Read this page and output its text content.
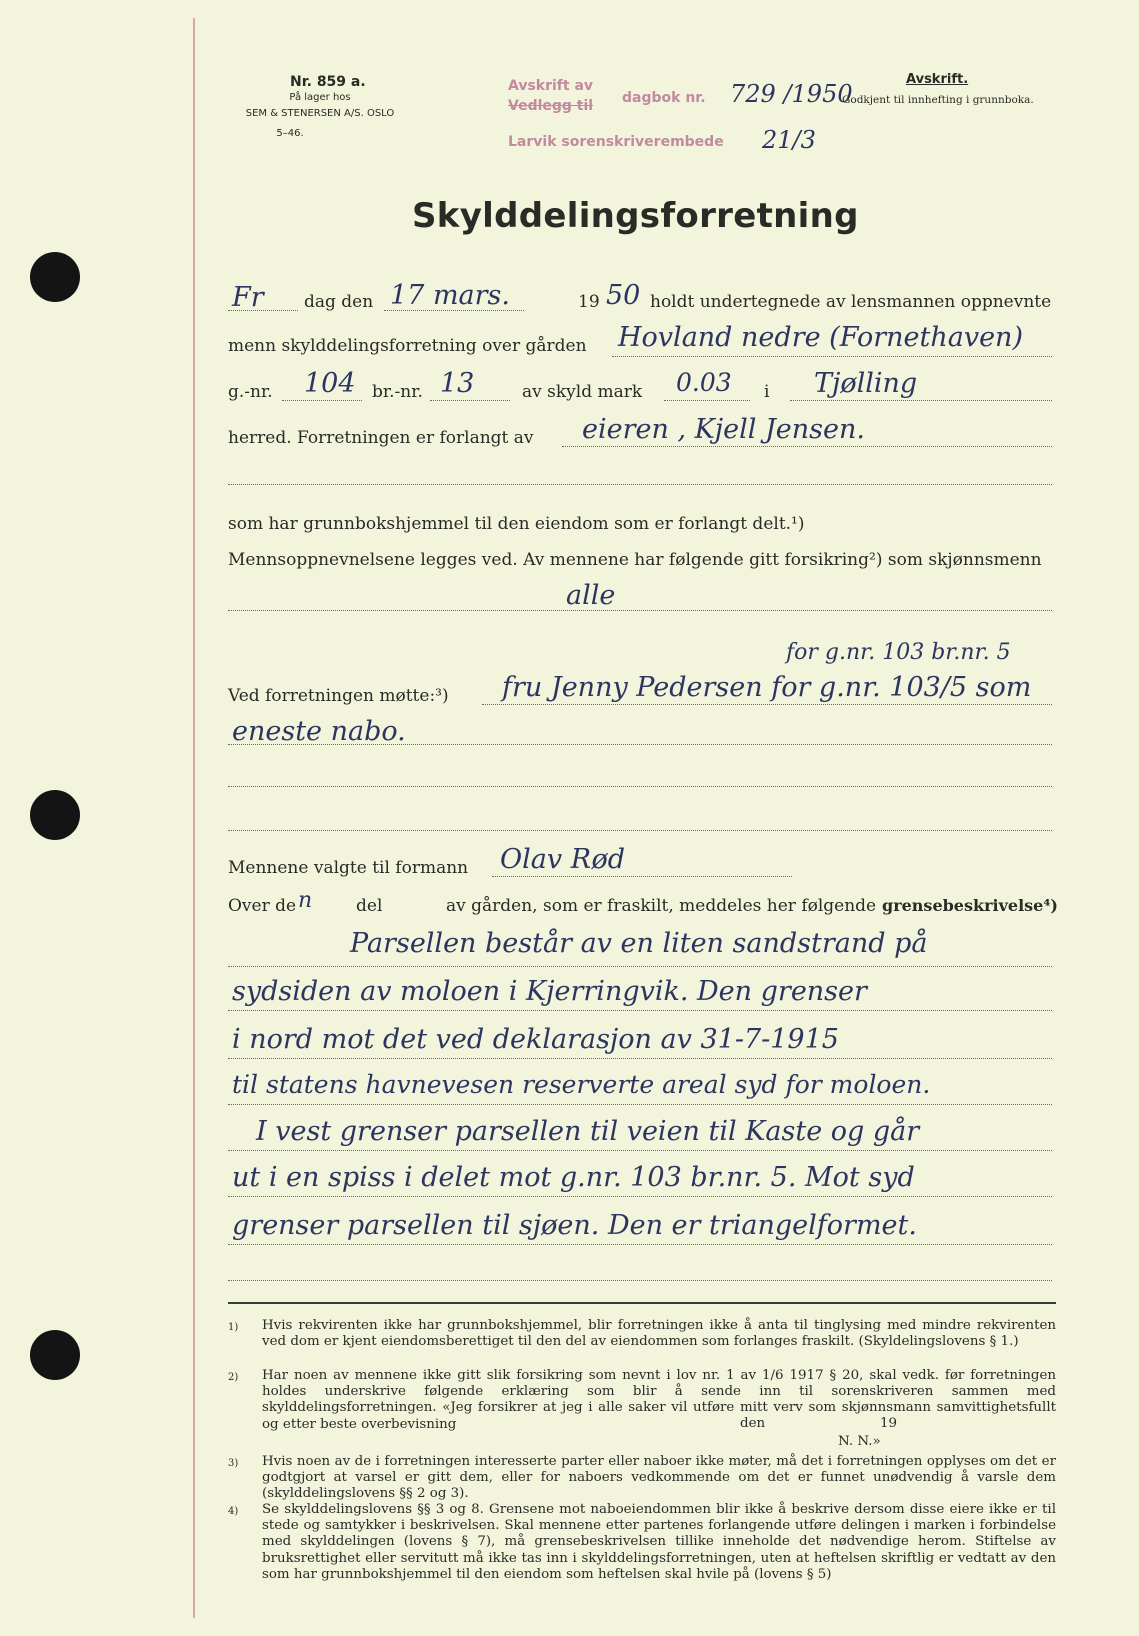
Nr. 859 a.
På lager hos
SEM & STENERSEN A/S. OSLO
5–46.
Avskrift av
Vedlegg til dagbok nr.
Larvik sorenskriverembede
729 /1950
21/3
Avskrift.
Godkjent til innhefting i grunnboka.
Skylddelingsforretning
Fr dag den 17 mars.	19 50 holdt undertegnede av lensmannen oppnevnte
menn skylddelingsforretning over gården Hovland nedre (Fornethaven)
g.-nr. 104 br.-nr. 13	av skyld mark 0.03 i Tjølling
herred. Forretningen er forlangt av eieren , Kjell Jensen.
som har grunnbokshjemmel til den eiendom som er forlangt delt.¹)
Mennsoppnevnelsene legges ved. Av mennene har følgende gitt forsikring²) som skjønnsmenn
alle
for g.nr. 103 br.nr. 5
Ved forretningen møtte:³) fru Jenny Pedersen for g.nr. 103/5 som
eneste nabo.
Mennene valgte til formann Olav Rød
Over de n	del	av gården, som er fraskilt, meddeles her følgende grensebeskrivelse⁴)
Parsellen består av en liten sandstrand på
sydsiden av moloen i Kjerringvik. Den grenser
i nord mot det ved deklarasjon av 31-7-1915
til statens havnevesen reserverte areal syd for moloen.
I vest grenser parsellen til veien til Kaste og går
ut i en spiss i delet mot g.nr. 103 br.nr. 5. Mot syd
grenser parsellen til sjøen. Den er triangelformet.
1) Hvis rekvirenten ikke har grunnbokshjemmel, blir forretningen ikke å anta til tinglysing med mindre rekvirenten ved dom er kjent eiendomsberettiget til den del av eiendommen som forlanges fraskilt. (Skyldelingslovens § 1.)
2) Har noen av mennene ikke gitt slik forsikring som nevnt i lov nr. 1 av 1/6 1917 § 20, skal vedk. før forretningen holdes underskrive følgende erklæring som blir å sende inn til sorenskriveren sammen med skylddelingsforretningen. «Jeg forsikrer at jeg i alle saker vil utføre mitt verv som skjønnsmann samvittighetsfullt og etter beste overbevisning	den	19
N. N.»
3) Hvis noen av de i forretningen interesserte parter eller naboer ikke møter, må det i forretningen opplyses om det er godtgjort at varsel er gitt dem, eller for naboers vedkommende om det er funnet unødvendig å varsle dem (skylddelingslovens §§ 2 og 3).
4) Se skylddelingslovens §§ 3 og 8. Grensene mot naboeiendommen blir ikke å beskrive dersom disse eiere ikke er til stede og samtykker i beskrivelsen. Skal mennene etter partenes forlangende utføre delingen i marken i forbindelse med skylddelingen (lovens § 7), må grensebeskrivelsen tillike inneholde det nødvendige herom. Stiftelse av bruksrettighet eller servitutt må ikke tas inn i skylddelingsforretningen, uten at heftelsen skriftlig er vedtatt av den som har grunnbokshjemmel til den eiendom som heftelsen skal hvile på (lovens § 5)
